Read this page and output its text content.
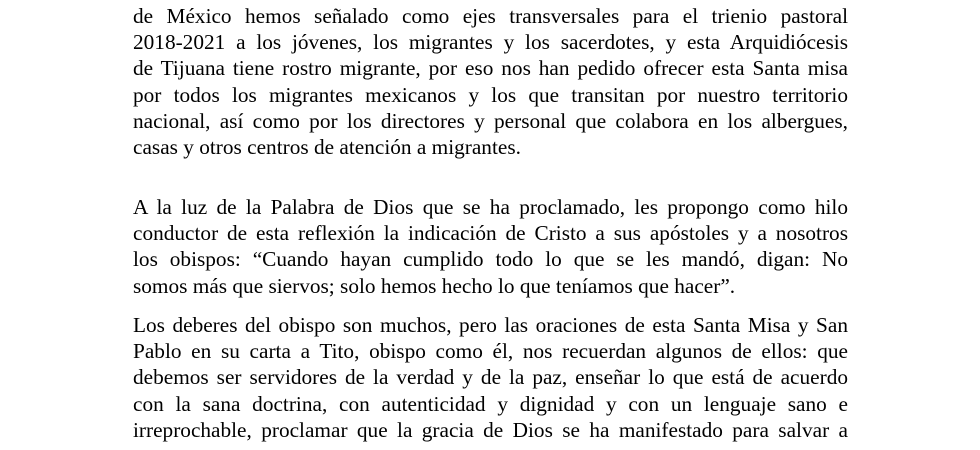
de México hemos señalado como ejes transversales para el trienio pastoral
2018-2021 a los jóvenes, los migrantes y los sacerdotes, y esta Arquidiócesis
de Tijuana tiene rostro migrante, por eso nos han pedido ofrecer esta Santa misa
por todos los migrantes mexicanos y los que transitan por nuestro territorio
nacional, así como por los directores y personal que colabora en los albergues,
casas y otros centros de atención a migrantes.

A la luz de la Palabra de Dios que se ha proclamado, les propongo como hilo
conductor de esta reflexión la indicación de Cristo a sus apóstoles y a nosotros
los obispos: “Cuando hayan cumplido todo lo que se les mandó, digan: No
somos más que siervos; solo hemos hecho lo que teníamos que hacer”.

Los deberes del obispo son muchos, pero las oraciones de esta Santa Misa y San
Pablo en su carta a Tito, obispo como él, nos recuerdan algunos de ellos: que
debemos ser servidores de la verdad y de la paz, enseñar lo que está de acuerdo
con la sana doctrina, con autenticidad y dignidad y con un lenguaje sano e
irreprochable, proclamar que la gracia de Dios se ha manifestado para salvar a
